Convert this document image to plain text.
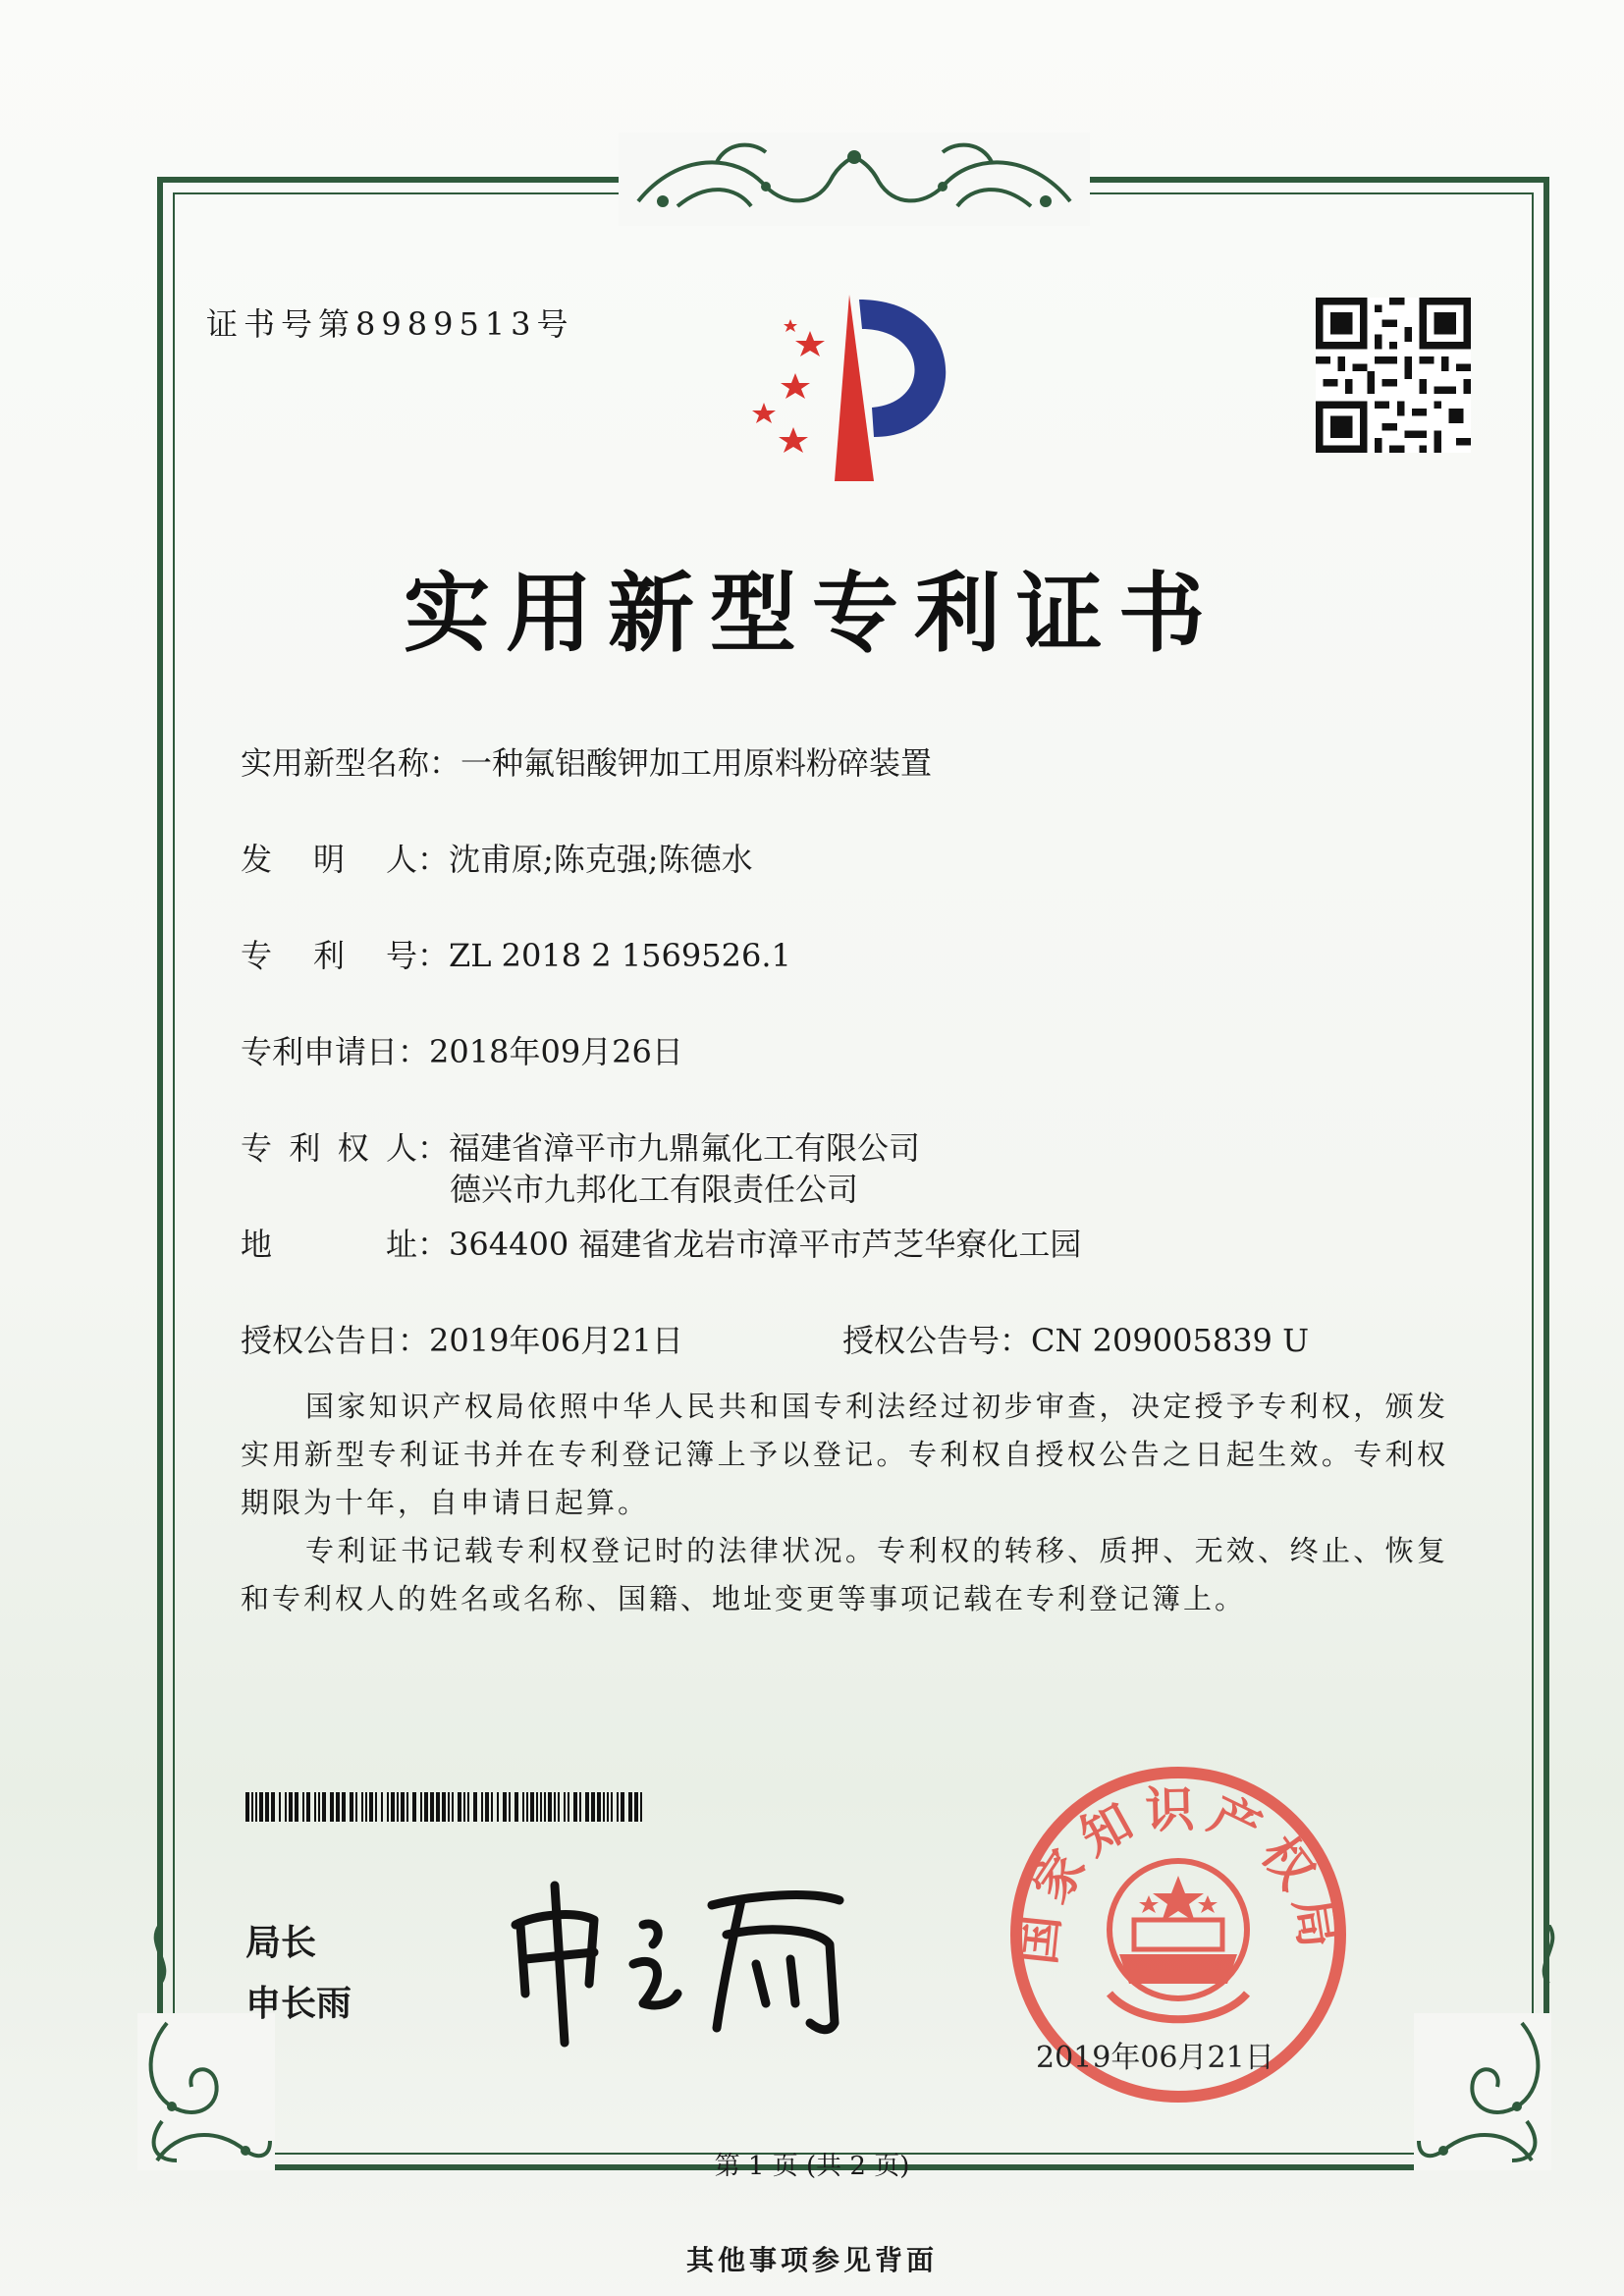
证书号第8989513号
实用新型专利证书
实用新型名称：一种氟铝酸钾加工用原料粉碎装置
发 明 人 ：沈甫原;陈克强;陈德水
专 利 号 ：ZL 2018 2 1569526.1
专利申请日：2018年09月26日
专 利 权 人 ：福建省漳平市九鼎氟化工有限公司
德兴市九邦化工有限责任公司
地	址 ：364400 福建省龙岩市漳平市芦芝华寮化工园
授权公告日：2019年06月21日	授权公告号：CN 209005839 U
国家知识产权局依照中华人民共和国专利法经过初步审查，决定授予专利权，颁发实用新型专利证书并在专利登记簿上予以登记。专利权自授权公告之日起生效。专利权期限为十年，自申请日起算。
专利证书记载专利权登记时的法律状况。专利权的转移、质押、无效、终止、恢复和专利权人的姓名或名称、国籍、地址变更等事项记载在专利登记簿上。
局长
申长雨
国家知识产权局
2019年06月21日
第 1 页 (共 2 页)
其他事项参见背面
